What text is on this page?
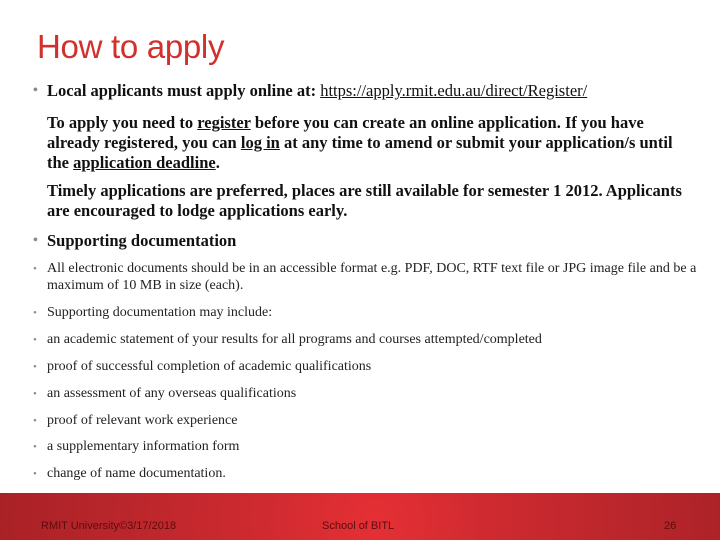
How to apply
• Local applicants must apply online at: https://apply.rmit.edu.au/direct/Register/
To apply you need to register before you can create an online application. If you have already registered, you can log in at any time to amend or submit your application/s until the application deadline.
Timely applications are preferred, places are still available for semester 1 2012. Applicants are encouraged to lodge applications early.
• Supporting documentation
• All electronic documents should be in an accessible format e.g. PDF, DOC, RTF text file or JPG image file and be a maximum of 10 MB in size (each).
• Supporting documentation may include:
• an academic statement of your results for all programs and courses attempted/completed
• proof of successful completion of academic qualifications
• an assessment of any overseas qualifications
• proof of relevant work experience
• a supplementary information form
• change of name documentation.
RMIT University©3/17/2018	School of BITL	26
